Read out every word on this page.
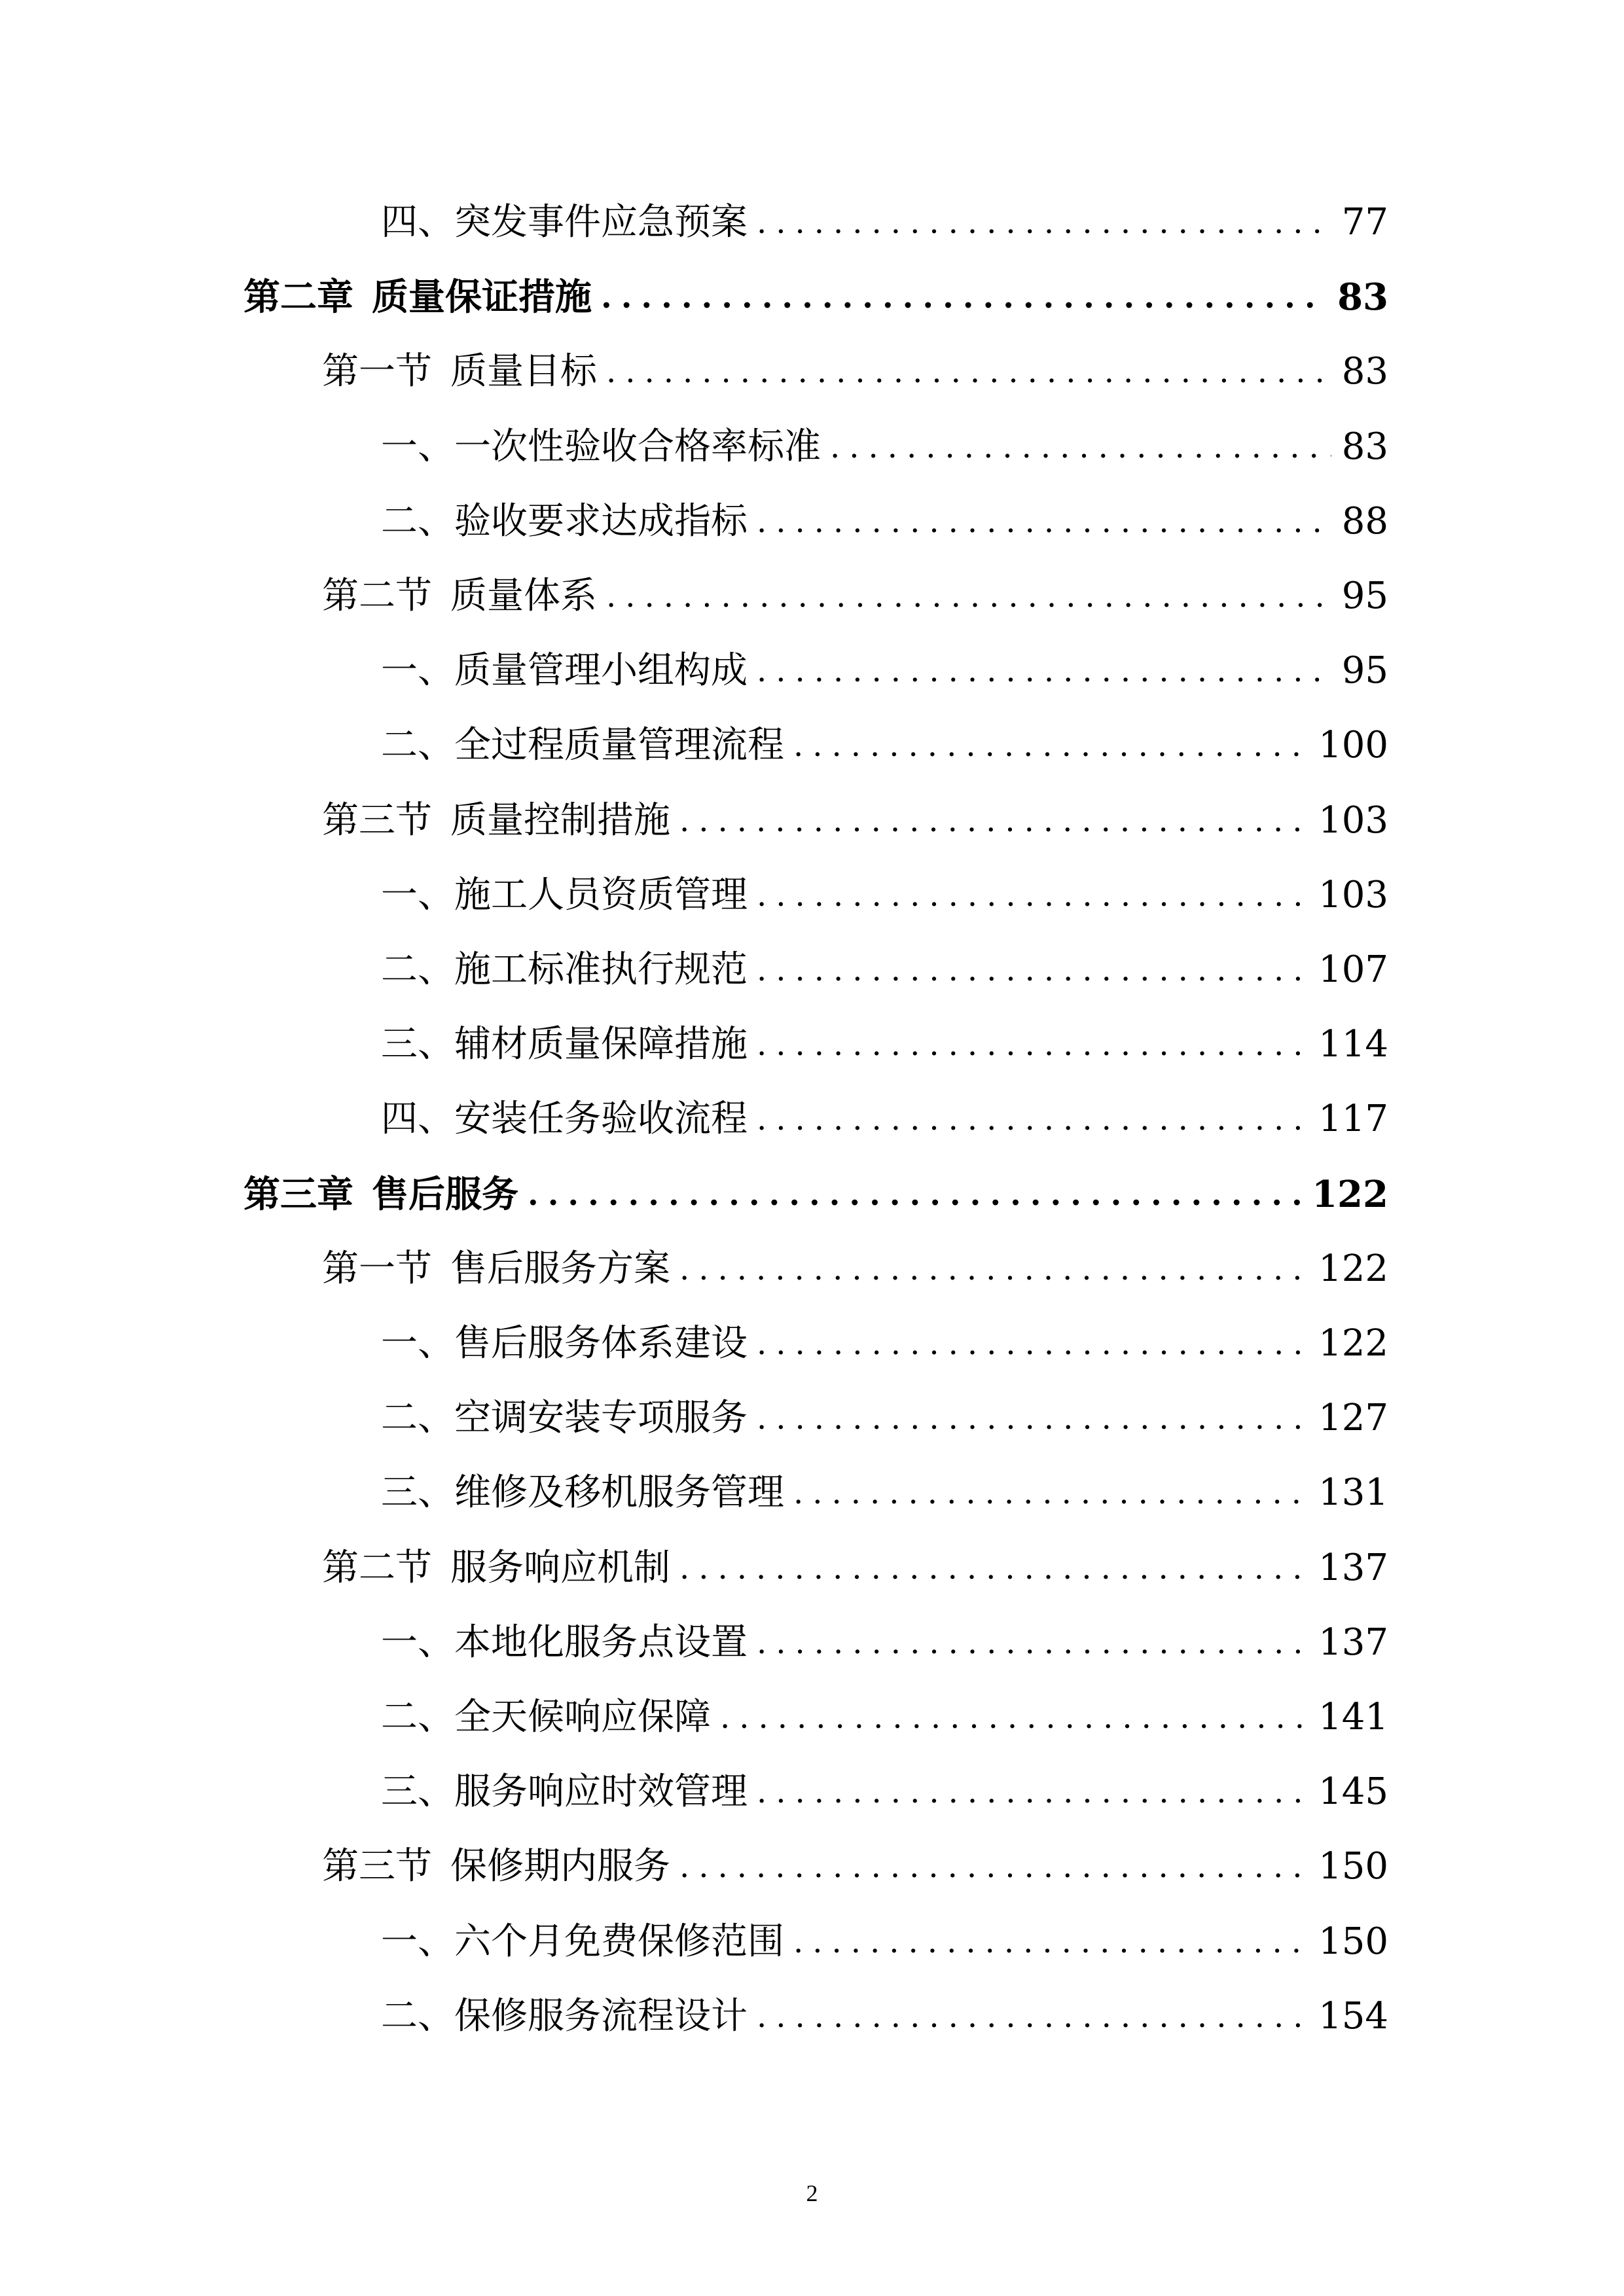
四、突发事件应急预案 .....	77
第二章 质量保证措施 .....	83
第一节 质量目标 .....	83
一、一次性验收合格率标准 .....	83
二、验收要求达成指标 .....	88
第二节 质量体系 .....	95
一、质量管理小组构成 .....	95
二、全过程质量管理流程 .....	100
第三节 质量控制措施 .....	103
一、施工人员资质管理 .....	103
二、施工标准执行规范 .....	107
三、辅材质量保障措施 .....	114
四、安装任务验收流程 .....	117
第三章 售后服务 .....	122
第一节 售后服务方案 .....	122
一、售后服务体系建设 .....	122
二、空调安装专项服务 .....	127
三、维修及移机服务管理 .....	131
第二节 服务响应机制 .....	137
一、本地化服务点设置 .....	137
二、全天候响应保障 .....	141
三、服务响应时效管理 .....	145
第三节 保修期内服务 .....	150
一、六个月免费保修范围 .....	150
二、保修服务流程设计 .....	154
2
